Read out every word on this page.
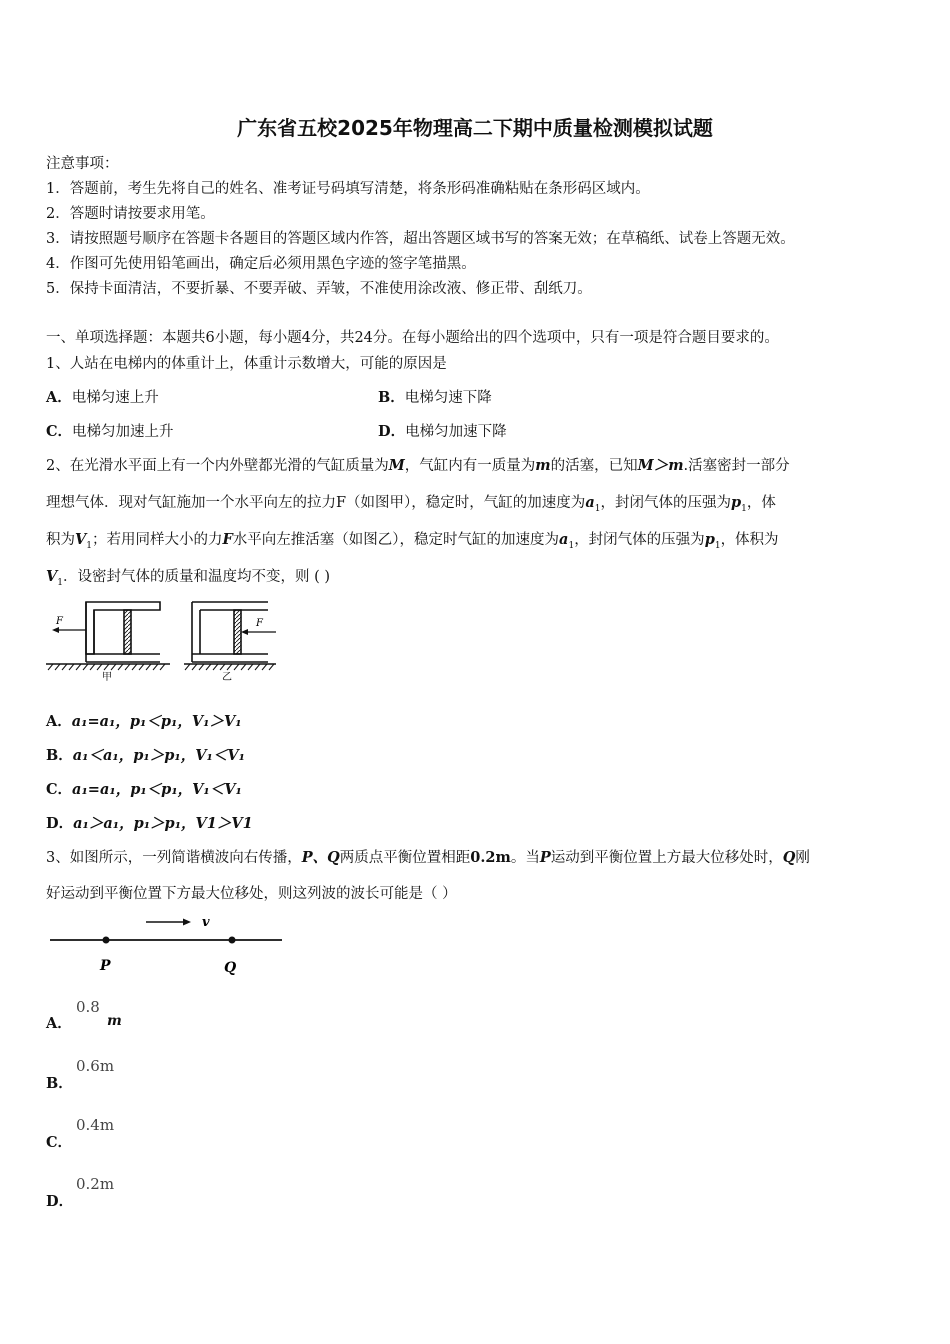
广东省五校2025年物理高二下期中质量检测模拟试题
注意事项：
1．答题前，考生先将自己的姓名、准考证号码填写清楚，将条形码准确粘贴在条形码区域内。
2．答题时请按要求用笔。
3．请按照题号顺序在答题卡各题目的答题区域内作答，超出答题区域书写的答案无效；在草稿纸、试卷上答题无效。
4．作图可先使用铅笔画出，确定后必须用黑色字迹的签字笔描黑。
5．保持卡面清洁，不要折暴、不要弄破、弄皱，不准使用涂改液、修正带、刮纸刀。
一、单项选择题：本题共6小题，每小题4分，共24分。在每小题给出的四个选项中，只有一项是符合题目要求的。
1、人站在电梯内的体重计上，体重计示数增大，可能的原因是
A．电梯匀速上升	B．电梯匀速下降
C．电梯匀加速上升	D．电梯匀加速下降
2、在光滑水平面上有一个内外壁都光滑的气缸质量为M，气缸内有一质量为m的活塞，已知M＞m.活塞密封一部分
理想气体．现对气缸施加一个水平向左的拉力F（如图甲），稳定时，气缸的加速度为$a_1$，封闭气体的压强为$p_1$，体
积为$V_1$；若用同样大小的力F水平向左推活塞（如图乙），稳定时气缸的加速度为$a_1$，封闭气体的压强为$p_1$，体积为
$V_1$．设密封气体的质量和温度均不变，则 ( )
F
甲
F
乙
A．a₁=a₁，p₁＜p₁，V₁＞V₁
B．a₁＜a₁，p₁＞p₁，V₁＜V₁
C．a₁=a₁，p₁＜p₁，V₁＜V₁
D．a₁＞a₁，p₁＞p₁，V1＞V1
3、如图所示，一列简谐横波向右传播，P、Q两质点平衡位置相距0.2m。当P运动到平衡位置上方最大位移处时，Q刚
好运动到平衡位置下方最大位移处，则这列波的波长可能是（ ）
v
P	Q
A．
0.8
m
B．
0.6m
C．
0.4m
D．
0.2m
